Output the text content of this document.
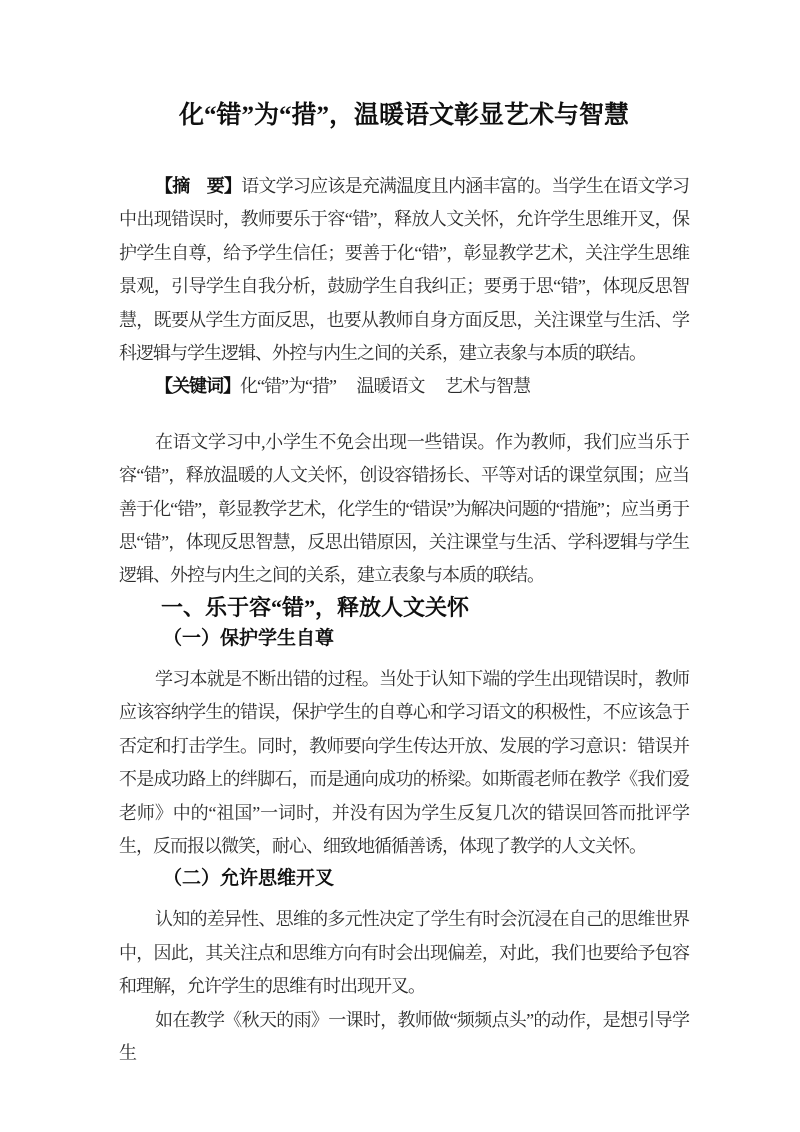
化“错”为“措”，温暖语文彰显艺术与智慧

【摘　要】语文学习应该是充满温度且内涵丰富的。当学生在语文学习中出现错误时，教师要乐于容“错”，释放人文关怀，允许学生思维开叉，保护学生自尊，给予学生信任；要善于化“错”，彰显教学艺术，关注学生思维景观，引导学生自我分析，鼓励学生自我纠正；要勇于思“错”，体现反思智慧，既要从学生方面反思，也要从教师自身方面反思，关注课堂与生活、学科逻辑与学生逻辑、外控与内生之间的关系，建立表象与本质的联结。

【关键词】化“错”为“措”　 温暖语文　 艺术与智慧

在语文学习中,小学生不免会出现一些错误。作为教师，我们应当乐于容“错”，释放温暖的人文关怀，创设容错扬长、平等对话的课堂氛围；应当善于化“错”，彰显教学艺术，化学生的“错误”为解决问题的“措施”；应当勇于思“错”，体现反思智慧，反思出错原因，关注课堂与生活、学科逻辑与学生逻辑、外控与内生之间的关系，建立表象与本质的联结。

一、乐于容“错”，释放人文关怀
（一）保护学生自尊

学习本就是不断出错的过程。当处于认知下端的学生出现错误时，教师应该容纳学生的错误，保护学生的自尊心和学习语文的积极性，不应该急于否定和打击学生。同时，教师要向学生传达开放、发展的学习意识：错误并不是成功路上的绊脚石，而是通向成功的桥梁。如斯霞老师在教学《我们爱老师》中的“祖国”一词时，并没有因为学生反复几次的错误回答而批评学生，反而报以微笑，耐心、细致地循循善诱，体现了教学的人文关怀。

（二）允许思维开叉

认知的差异性、思维的多元性决定了学生有时会沉浸在自己的思维世界中，因此，其关注点和思维方向有时会出现偏差，对此，我们也要给予包容和理解，允许学生的思维有时出现开叉。

如在教学《秋天的雨》一课时，教师做“频频点头”的动作，是想引导学生
